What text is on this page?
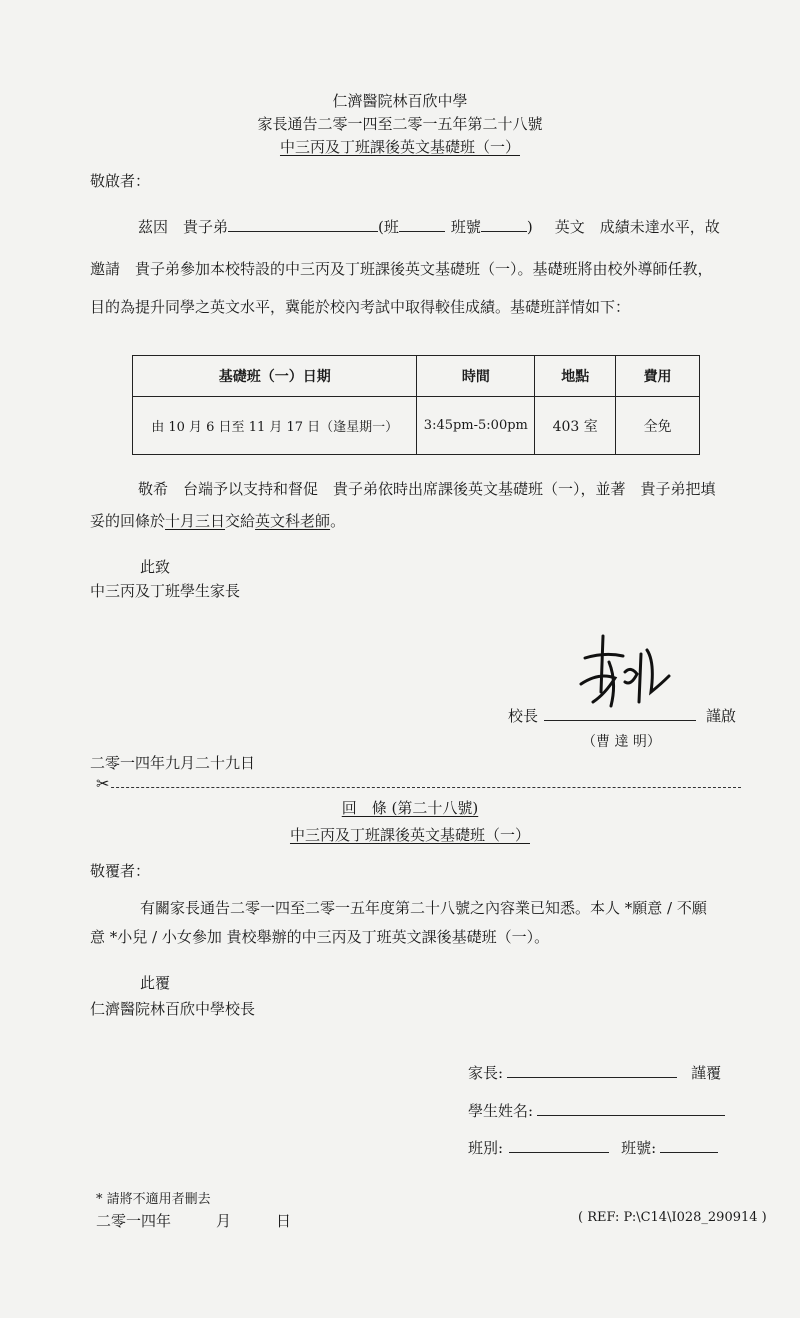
仁濟醫院林百欣中學
家長通告二零一四至二零一五年第二十八號
中三丙及丁班課後英文基礎班（一）
敬啟者：
茲因　貴子弟	(班	班號	) 英文　成績未達水平，故
邀請　貴子弟參加本校特設的中三丙及丁班課後英文基礎班（一）。基礎班將由校外導師任教，
目的為提升同學之英文水平，冀能於校內考試中取得較佳成績。基礎班詳情如下：
基礎班（一）日期	時間	地點	費用
由 10 月 6 日至 11 月 17 日（逢星期一）	3:45pm-5:00pm	403 室	全免
敬希　台端予以支持和督促　貴子弟依時出席課後英文基礎班（一），並著　貴子弟把填
妥的回條於十月三日交給英文科老師。
此致
中三丙及丁班學生家長
校長	謹啟
（曹 達 明）
二零一四年九月二十九日
✂
回　條 (第二十八號)
中三丙及丁班課後英文基礎班（一）
敬覆者：
有關家長通告二零一四至二零一五年度第二十八號之內容業已知悉。本人 *願意 / 不願
意 *小兒 / 小女參加 貴校舉辦的中三丙及丁班英文課後基礎班（一）。
此覆
仁濟醫院林百欣中學校長
家長:	謹覆
學生姓名:
班別:	班號:
* 請將不適用者刪去
二零一四年　　　月　　　日	( REF: P:\C14\I028_290914 )
